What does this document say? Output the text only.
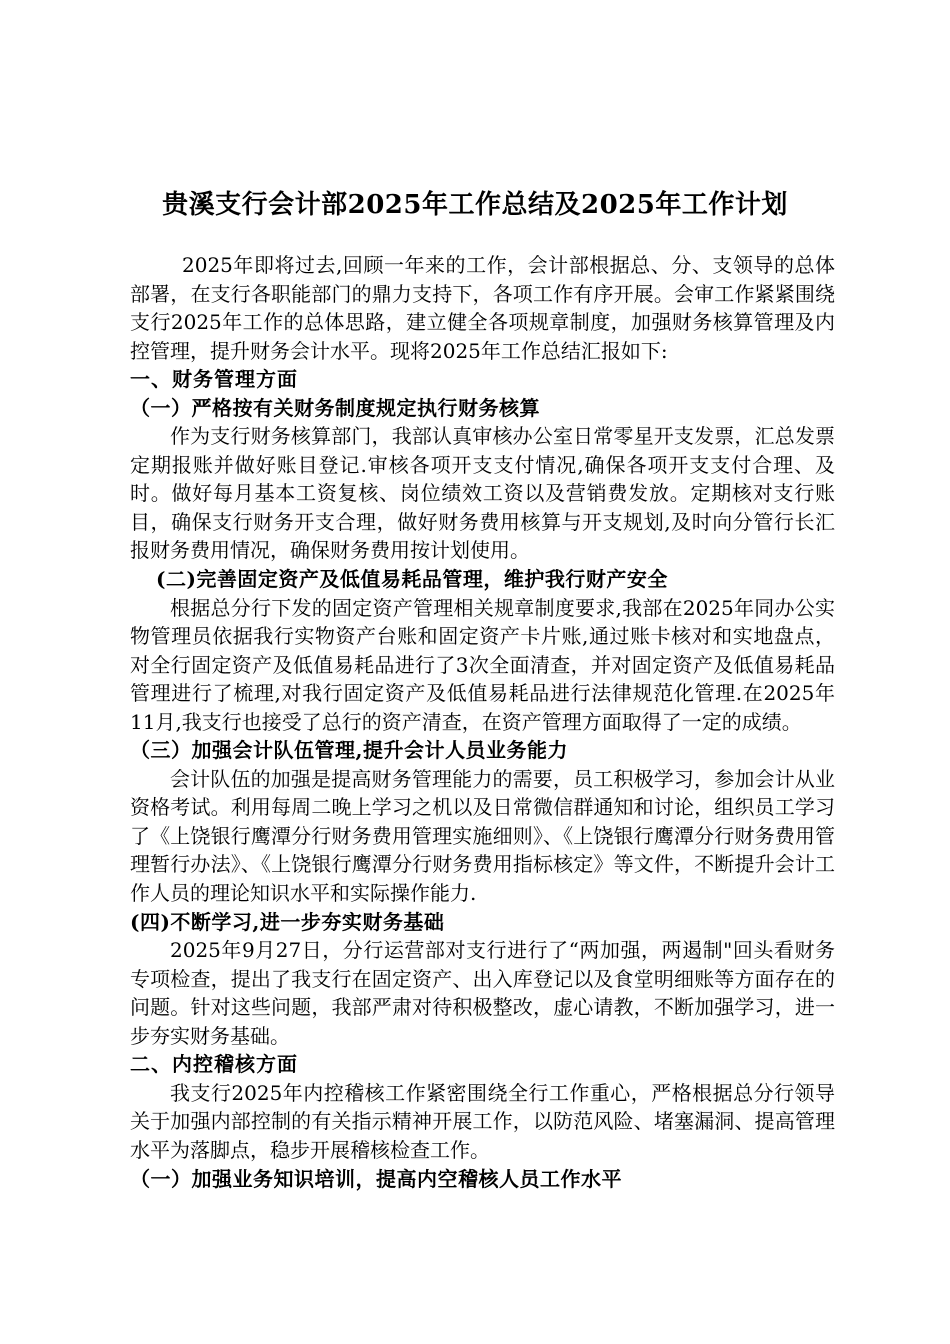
贵溪支行会计部2025年工作总结及2025年工作计划

2025年即将过去,回顾一年来的工作，会计部根据总、分、支领导的总体部署，在支行各职能部门的鼎力支持下，各项工作有序开展。会审工作紧紧围绕支行2025年工作的总体思路，建立健全各项规章制度，加强财务核算管理及内控管理，提升财务会计水平。现将2025年工作总结汇报如下:

一、财务管理方面

（一）严格按有关财务制度规定执行财务核算

作为支行财务核算部门，我部认真审核办公室日常零星开支发票，汇总发票定期报账并做好账目登记.审核各项开支支付情况,确保各项开支支付合理、及时。做好每月基本工资复核、岗位绩效工资以及营销费发放。定期核对支行账目，确保支行财务开支合理，做好财务费用核算与开支规划,及时向分管行长汇报财务费用情况，确保财务费用按计划使用。

(二)完善固定资产及低值易耗品管理，维护我行财产安全

根据总分行下发的固定资产管理相关规章制度要求,我部在2025年同办公实物管理员依据我行实物资产台账和固定资产卡片账,通过账卡核对和实地盘点，对全行固定资产及低值易耗品进行了3次全面清查，并对固定资产及低值易耗品管理进行了梳理,对我行固定资产及低值易耗品进行法律规范化管理.在2025年11月,我支行也接受了总行的资产清查，在资产管理方面取得了一定的成绩。

（三）加强会计队伍管理,提升会计人员业务能力

会计队伍的加强是提高财务管理能力的需要，员工积极学习，参加会计从业资格考试。利用每周二晚上学习之机以及日常微信群通知和讨论，组织员工学习了《上饶银行鹰潭分行财务费用管理实施细则》、《上饶银行鹰潭分行财务费用管理暂行办法》、《上饶银行鹰潭分行财务费用指标核定》等文件，不断提升会计工作人员的理论知识水平和实际操作能力.

(四)不断学习,进一步夯实财务基础

2025年9月27日，分行运营部对支行进行了“两加强，两遏制"回头看财务专项检查，提出了我支行在固定资产、出入库登记以及食堂明细账等方面存在的问题。针对这些问题，我部严肃对待积极整改，虚心请教，不断加强学习，进一步夯实财务基础。

二、内控稽核方面

我支行2025年内控稽核工作紧密围绕全行工作重心，严格根据总分行领导关于加强内部控制的有关指示精神开展工作，以防范风险、堵塞漏洞、提高管理水平为落脚点，稳步开展稽核检查工作。

（一）加强业务知识培训，提高内空稽核人员工作水平
